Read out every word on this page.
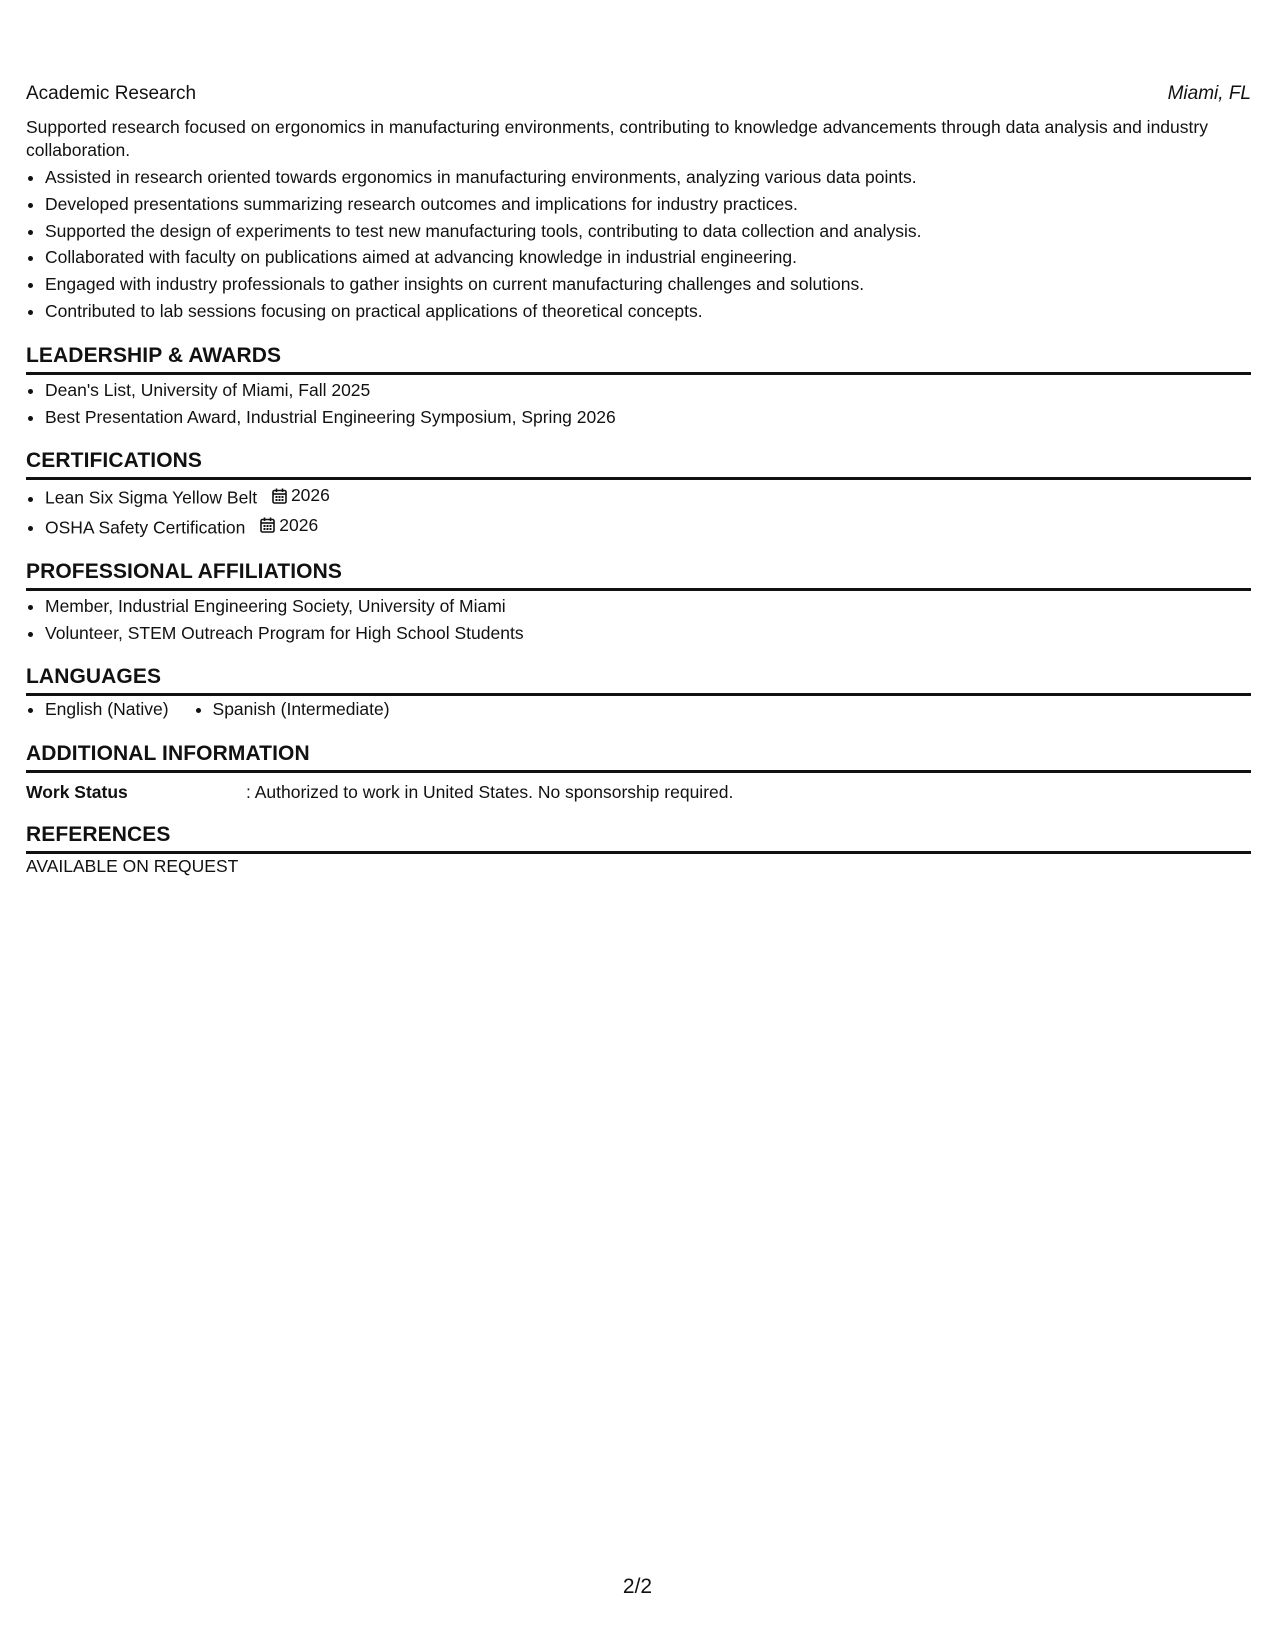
Academic Research	Miami, FL

Supported research focused on ergonomics in manufacturing environments, contributing to knowledge advancements through data analysis and industry collaboration.

• Assisted in research oriented towards ergonomics in manufacturing environments, analyzing various data points.
• Developed presentations summarizing research outcomes and implications for industry practices.
• Supported the design of experiments to test new manufacturing tools, contributing to data collection and analysis.
• Collaborated with faculty on publications aimed at advancing knowledge in industrial engineering.
• Engaged with industry professionals to gather insights on current manufacturing challenges and solutions.
• Contributed to lab sessions focusing on practical applications of theoretical concepts.
LEADERSHIP & AWARDS
• Dean's List, University of Miami, Fall 2025
• Best Presentation Award, Industrial Engineering Symposium, Spring 2026
CERTIFICATIONS
• Lean Six Sigma Yellow Belt 2026
• OSHA Safety Certification 2026
PROFESSIONAL AFFILIATIONS
• Member, Industrial Engineering Society, University of Miami
• Volunteer, STEM Outreach Program for High School Students
LANGUAGES
• English (Native)
•	Spanish (Intermediate)
ADDITIONAL INFORMATION
Work Status	: Authorized to work in United States. No sponsorship required.
REFERENCES

AVAILABLE ON REQUEST

2/2
